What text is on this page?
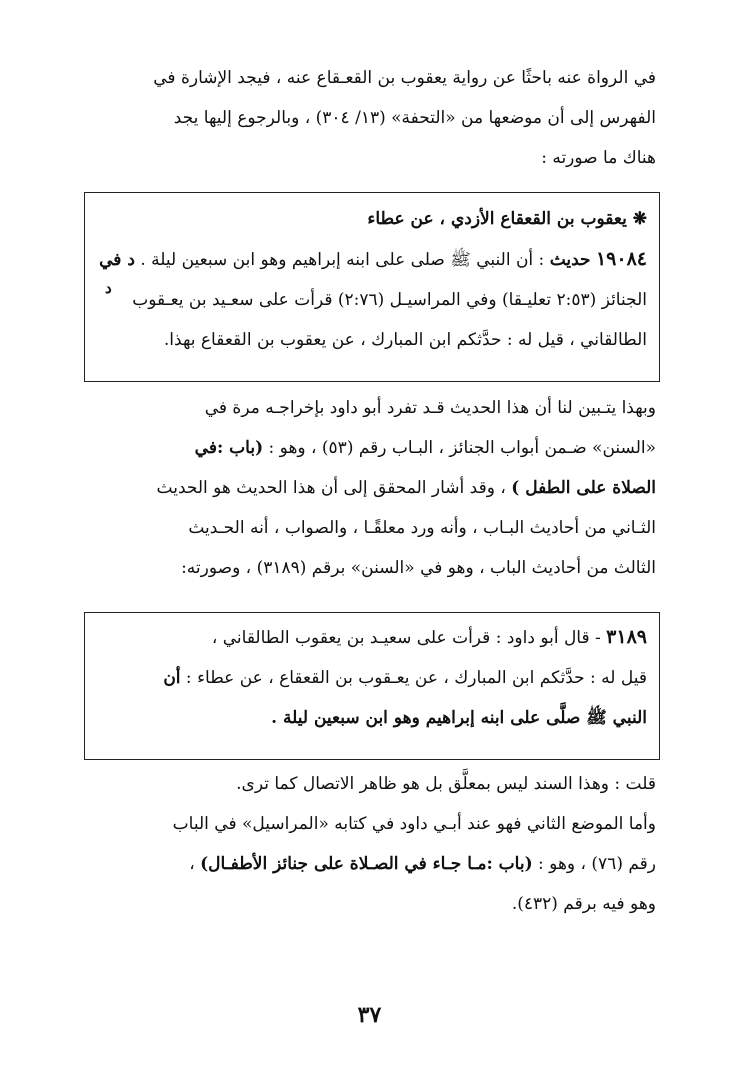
في الرواة عنه باحثًا عن رواية يعقوب بن القعـقاع عنه ، فيجد الإشارة في
الفهرس إلى أن موضعها من «التحفة» (١٣/ ٣٠٤) ، وبالرجوع إليها يجد
هناك ما صورته :

❋ يعقوب بن القعقاع الأزدي ، عن عطاء

١٩٠٨٤ حديث : أن النبي ﷺ صلى على ابنه إبراهيم وهو ابن سبعين ليلة . د في

د

الجنائز (٢:٥٣ تعليـقا) وفي المراسيـل (٢:٧٦) قرأت على سعـيد بن يعـقوب

الطالقاني ، قيل له : حدَّثكم ابن المبارك ، عن يعقوب بن القعقاع بهذا.

وبهذا يتـبين لنا أن هذا الحديث قـد تفرد أبو داود بإخراجـه مرة في
«السنن» ضـمن أبواب الجنائز ، البـاب رقم (٥٣) ، وهو : (باب :في
الصلاة على الطفل ) ، وقد أشار المحقق إلى أن هذا الحديث هو الحديث
الثـاني من أحاديث البـاب ، وأنه ورد معلقًـا ، والصواب ، أنه الحـديث
الثالث من أحاديث الباب ، وهو في «السنن» برقم (٣١٨٩) ، وصورته:

٣١٨٩ - قال أبو داود : قرأت على سعيـد بن يعقوب الطالقاني ،

قيل له : حدَّثكم ابن المبارك ، عن يعـقوب بن القعقاع ، عن عطاء : أن

النبي ﷺ صلَّى على ابنه إبراهيم وهو ابن سبعين ليلة .

قلت : وهذا السند ليس بمعلَّق بل هو ظاهر الاتصال كما ترى.
وأما الموضع الثاني فهو عند أبـي داود في كتابه «المراسيل» في الباب
رقم (٧٦) ، وهو : (باب :مـا جـاء في الصـلاة على جنائز الأطفـال) ،
وهو فيه برقم (٤٣٢).
٣٧
